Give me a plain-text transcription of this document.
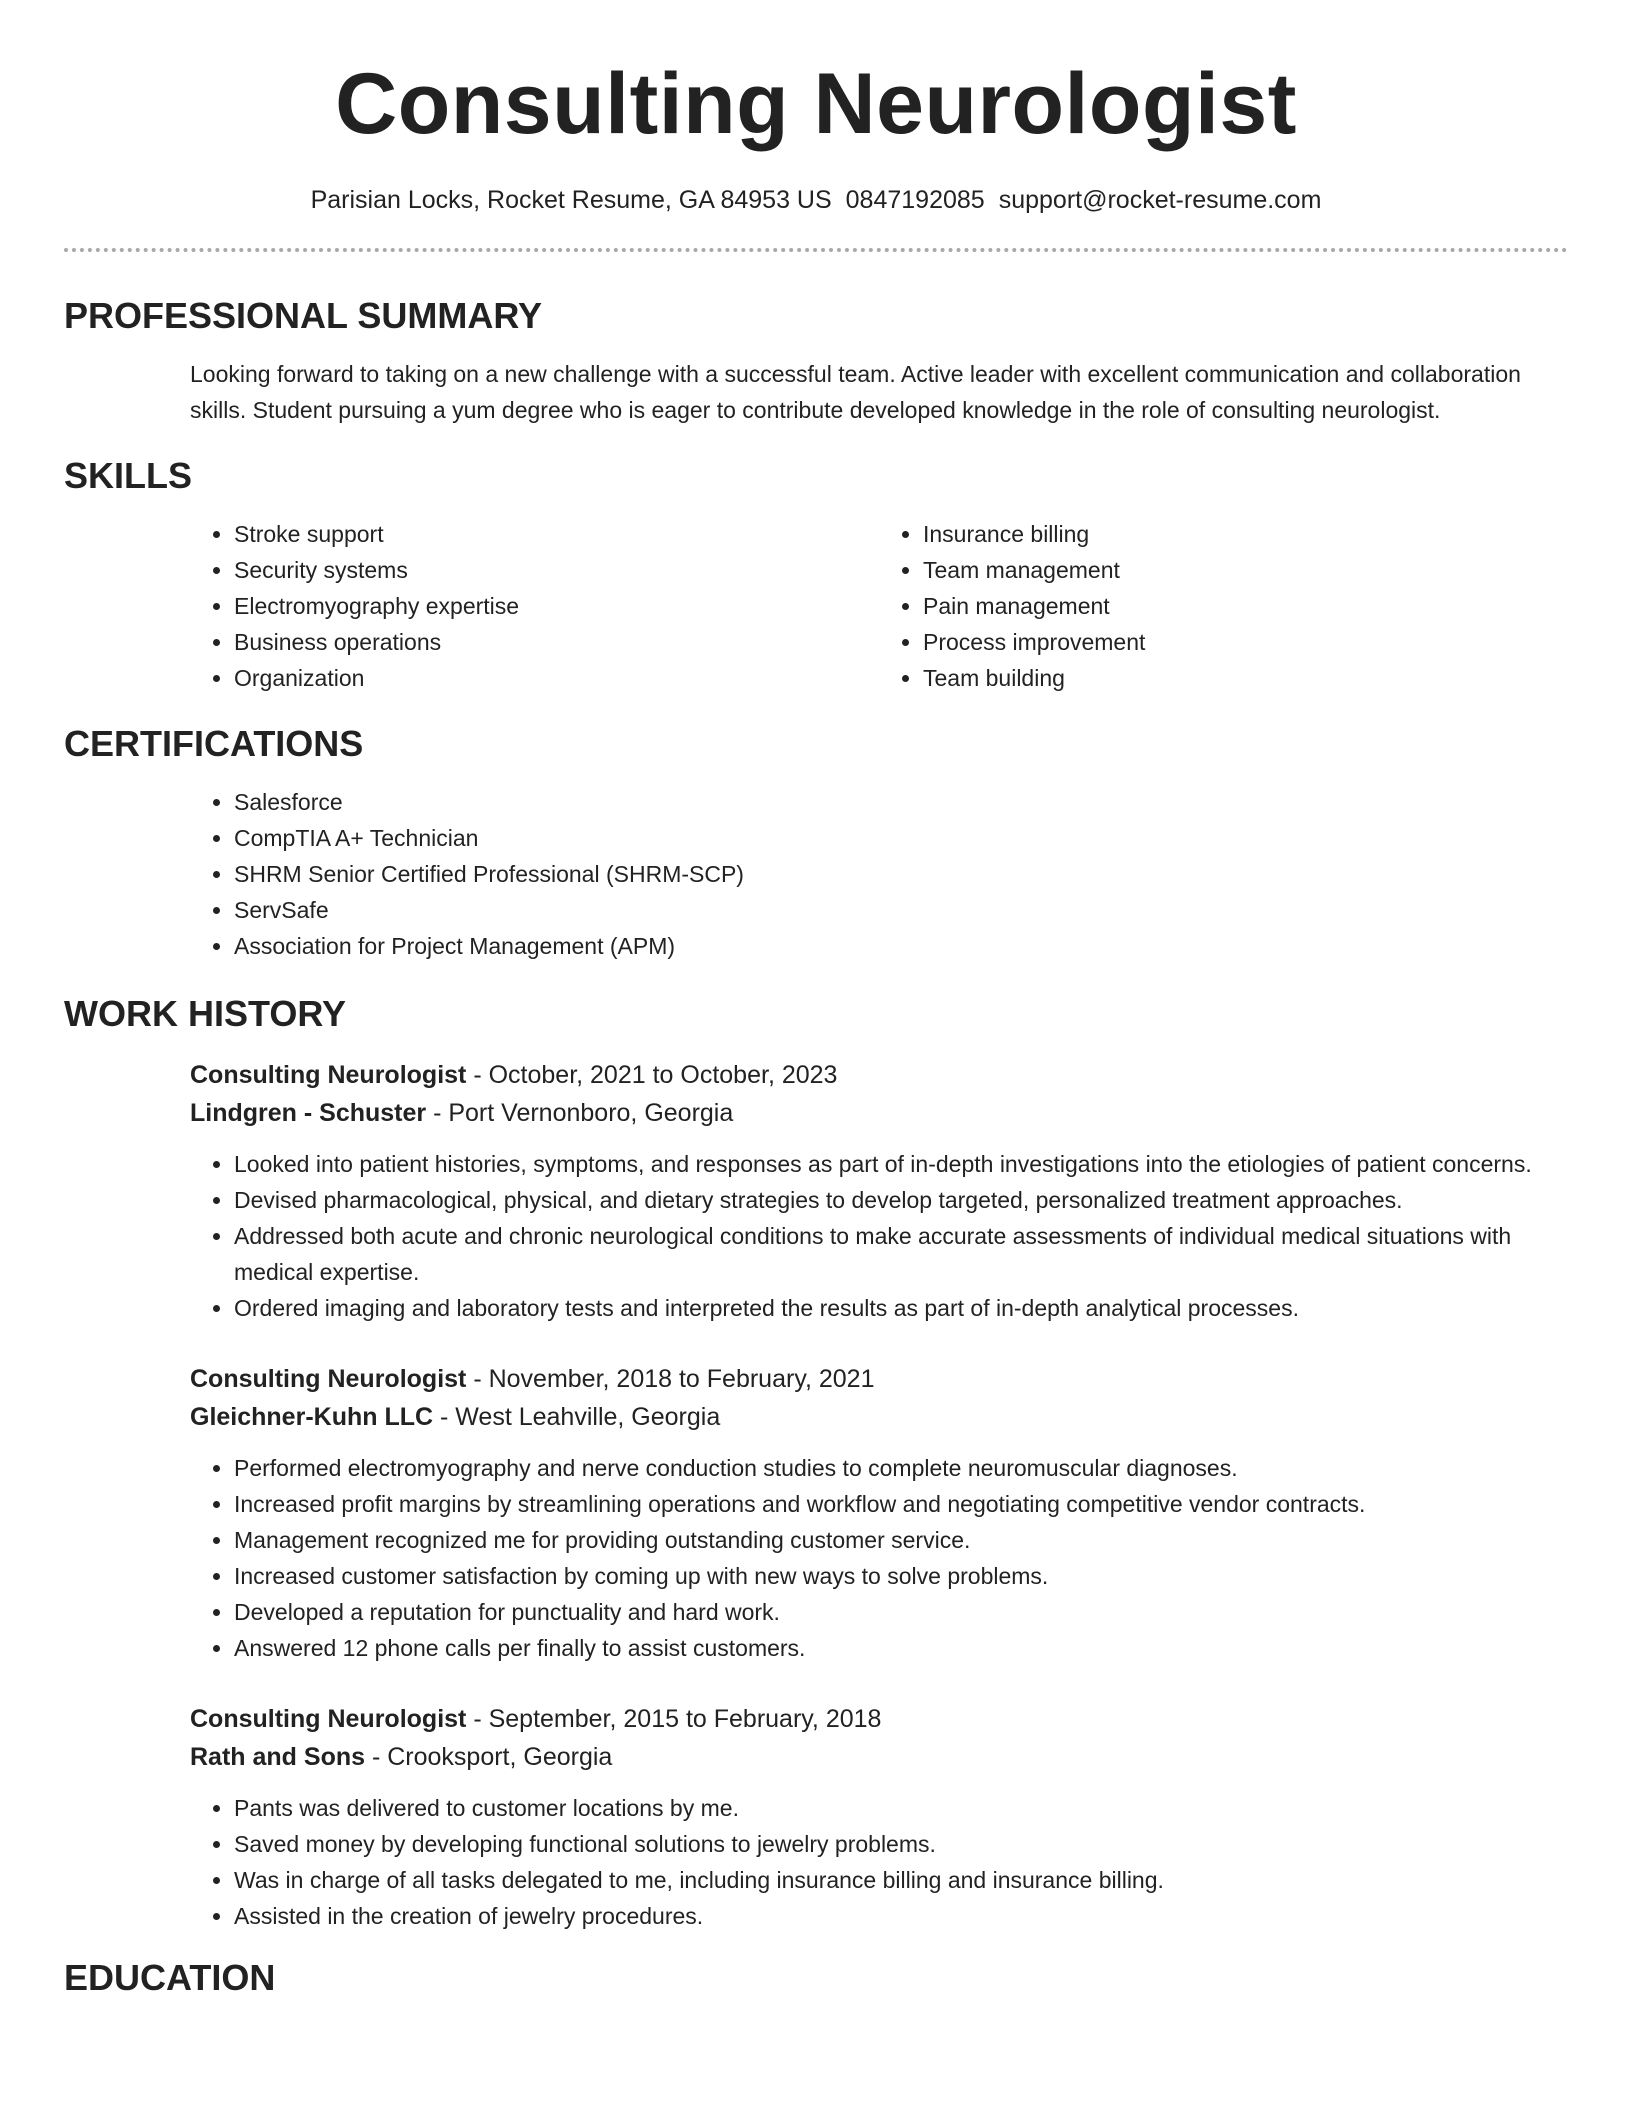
Consulting Neurologist
Parisian Locks, Rocket Resume, GA 84953 US 0847192085 support@rocket-resume.com
PROFESSIONAL SUMMARY

Looking forward to taking on a new challenge with a successful team. Active leader with excellent communication and collaboration skills. Student pursuing a yum degree who is eager to contribute developed knowledge in the role of consulting neurologist.

SKILLS
• Stroke support
• Security systems
• Electromyography expertise
• Business operations
• Organization
• Insurance billing
• Team management
• Pain management
• Process improvement
• Team building
CERTIFICATIONS
• Salesforce
• CompTIA A+ Technician
• SHRM Senior Certified Professional (SHRM-SCP)
• ServSafe
• Association for Project Management (APM)
WORK HISTORY
Consulting Neurologist - October, 2021 to October, 2023
Lindgren - Schuster - Port Vernonboro, Georgia
• Looked into patient histories, symptoms, and responses as part of in-depth investigations into the etiologies of patient concerns.
• Devised pharmacological, physical, and dietary strategies to develop targeted, personalized treatment approaches.
• Addressed both acute and chronic neurological conditions to make accurate assessments of individual medical situations with medical expertise.
• Ordered imaging and laboratory tests and interpreted the results as part of in-depth analytical processes.
Consulting Neurologist - November, 2018 to February, 2021
Gleichner-Kuhn LLC - West Leahville, Georgia
• Performed electromyography and nerve conduction studies to complete neuromuscular diagnoses.
• Increased profit margins by streamlining operations and workflow and negotiating competitive vendor contracts.
• Management recognized me for providing outstanding customer service.
• Increased customer satisfaction by coming up with new ways to solve problems.
• Developed a reputation for punctuality and hard work.
• Answered 12 phone calls per finally to assist customers.
Consulting Neurologist - September, 2015 to February, 2018
Rath and Sons - Crooksport, Georgia
• Pants was delivered to customer locations by me.
• Saved money by developing functional solutions to jewelry problems.
• Was in charge of all tasks delegated to me, including insurance billing and insurance billing.
• Assisted in the creation of jewelry procedures.
EDUCATION
